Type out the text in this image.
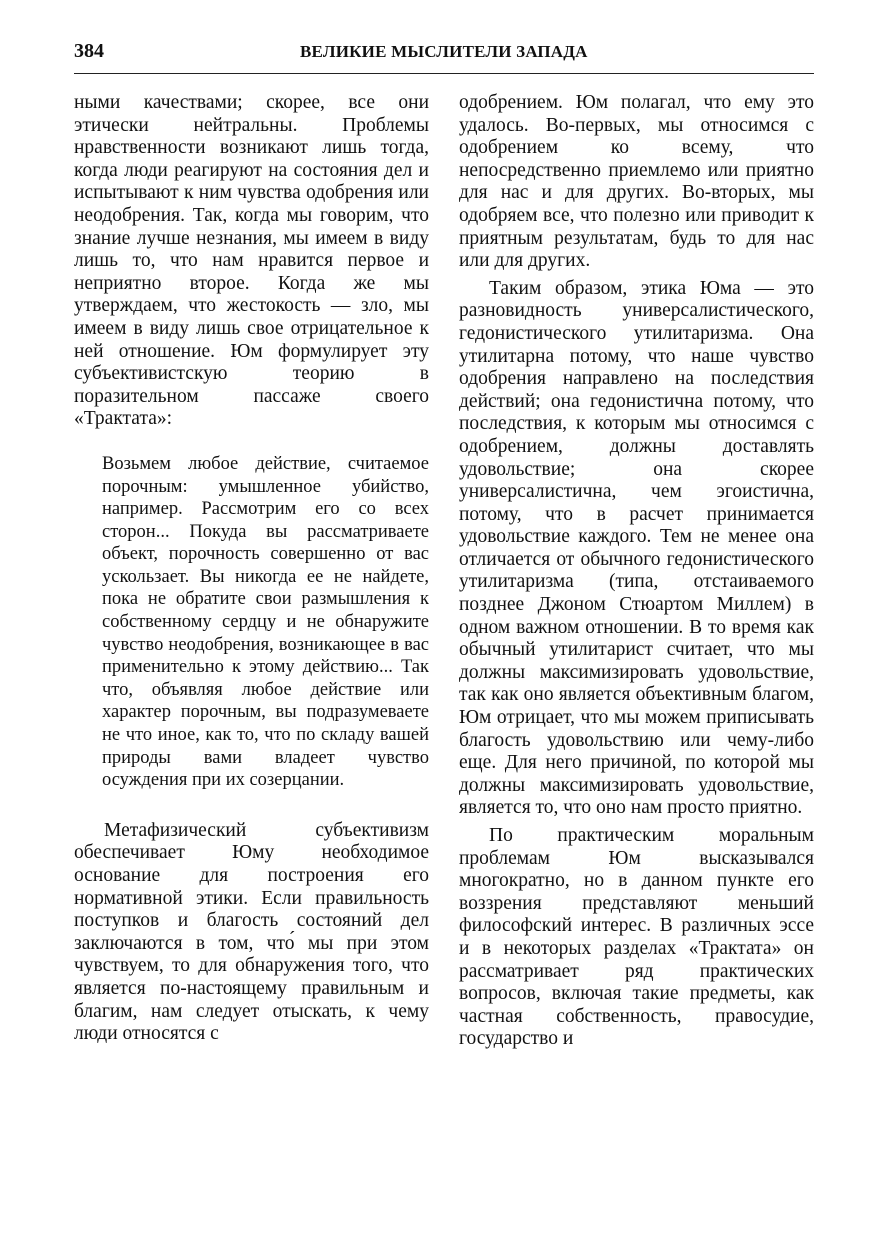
384	ВЕЛИКИЕ МЫСЛИТЕЛИ ЗАПАДА

ными качествами; скорее, все они этически нейтральны. Проблемы нравственности возникают лишь тогда, когда люди реагируют на состояния дел и испытывают к ним чувства одобрения или неодобрения. Так, когда мы говорим, что знание лучше незнания, мы имеем в виду лишь то, что нам нравится первое и неприятно второе. Когда же мы утверждаем, что жестокость — зло, мы имеем в виду лишь свое отрицательное к ней отношение. Юм формулирует эту субъективистскую теорию в поразительном пассаже своего «Трактата»:

Возьмем любое действие, считаемое порочным: умышленное убийство, например. Рассмотрим его со всех сторон... Покуда вы рассматриваете объект, порочность совершенно от вас ускользает. Вы никогда ее не найдете, пока не обратите свои размышления к собственному сердцу и не обнаружите чувство неодобрения, возникающее в вас применительно к этому действию... Так что, объявляя любое действие или характер порочным, вы подразумеваете не что иное, как то, что по складу вашей природы вами владеет чувство осуждения при их созерцании.

Метафизический субъективизм обеспечивает Юму необходимое основание для построения его нормативной этики. Если правильность поступков и благость состояний дел заключаются в том, что́ мы при этом чувствуем, то для обнаружения того, что является по-настоящему правильным и благим, нам следует отыскать, к чему люди относятся с

одобрением. Юм полагал, что ему это удалось. Во-первых, мы относимся с одобрением ко всему, что непосредственно приемлемо или приятно для нас и для других. Во-вторых, мы одобряем все, что полезно или приводит к приятным результатам, будь то для нас или для других.

Таким образом, этика Юма — это разновидность универсалистического, гедонистического утилитаризма. Она утилитарна потому, что наше чувство одобрения направлено на последствия действий; она гедонистична потому, что последствия, к которым мы относимся с одобрением, должны доставлять удовольствие; она скорее универсалистична, чем эгоистична, потому, что в расчет принимается удовольствие каждого. Тем не менее она отличается от обычного гедонистического утилитаризма (типа, отстаиваемого позднее Джоном Стюартом Миллем) в одном важном отношении. В то время как обычный утилитарист считает, что мы должны максимизировать удовольствие, так как оно является объективным благом, Юм отрицает, что мы можем приписывать благость удовольствию или чему-либо еще. Для него причиной, по которой мы должны максимизировать удовольствие, является то, что оно нам просто приятно.

По практическим моральным проблемам Юм высказывался многократно, но в данном пункте его воззрения представляют меньший философский интерес. В различных эссе и в некоторых разделах «Трактата» он рассматривает ряд практических вопросов, включая такие предметы, как частная собственность, правосудие, государство и
